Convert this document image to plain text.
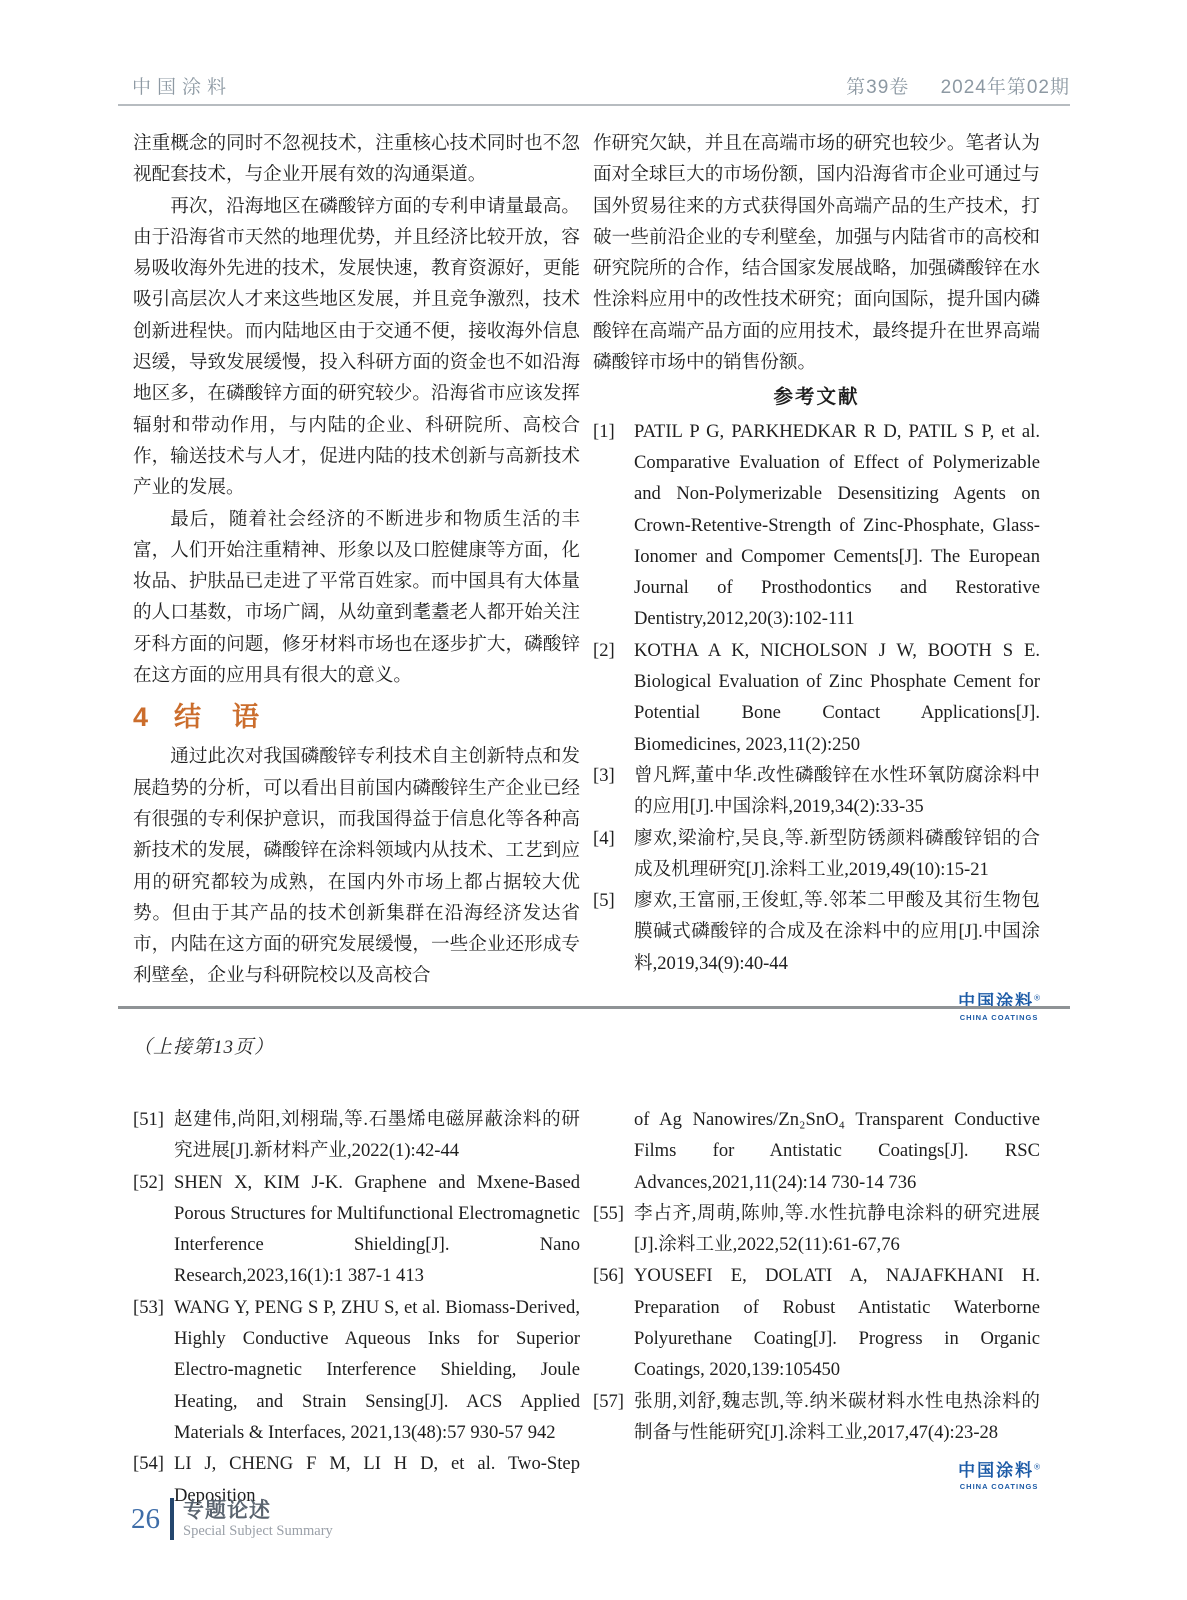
中国涂料	第39卷 2024年第02期

注重概念的同时不忽视技术，注重核心技术同时也不忽视配套技术，与企业开展有效的沟通渠道。

再次，沿海地区在磷酸锌方面的专利申请量最高。由于沿海省市天然的地理优势，并且经济比较开放，容易吸收海外先进的技术，发展快速，教育资源好，更能吸引高层次人才来这些地区发展，并且竞争激烈，技术创新进程快。而内陆地区由于交通不便，接收海外信息迟缓，导致发展缓慢，投入科研方面的资金也不如沿海地区多，在磷酸锌方面的研究较少。沿海省市应该发挥辐射和带动作用，与内陆的企业、科研院所、高校合作，输送技术与人才，促进内陆的技术创新与高新技术产业的发展。

最后，随着社会经济的不断进步和物质生活的丰富，人们开始注重精神、形象以及口腔健康等方面，化妆品、护肤品已走进了平常百姓家。而中国具有大体量的人口基数，市场广阔，从幼童到耄耋老人都开始关注牙科方面的问题，修牙材料市场也在逐步扩大，磷酸锌在这方面的应用具有很大的意义。

4 结　语

通过此次对我国磷酸锌专利技术自主创新特点和发展趋势的分析，可以看出目前国内磷酸锌生产企业已经有很强的专利保护意识，而我国得益于信息化等各种高新技术的发展，磷酸锌在涂料领域内从技术、工艺到应用的研究都较为成熟，在国内外市场上都占据较大优势。但由于其产品的技术创新集群在沿海经济发达省市，内陆在这方面的研究发展缓慢，一些企业还形成专利壁垒，企业与科研院校以及高校合

作研究欠缺，并且在高端市场的研究也较少。笔者认为面对全球巨大的市场份额，国内沿海省市企业可通过与国外贸易往来的方式获得国外高端产品的生产技术，打破一些前沿企业的专利壁垒，加强与内陆省市的高校和研究院所的合作，结合国家发展战略，加强磷酸锌在水性涂料应用中的改性技术研究；面向国际，提升国内磷酸锌在高端产品方面的应用技术，最终提升在世界高端磷酸锌市场中的销售份额。

参考文献
[1]	PATIL P G, PARKHEDKAR R D, PATIL S P, et al. Comparative Evaluation of Effect of Polymerizable and Non-Polymerizable Desensitizing Agents on Crown-Retentive-Strength of Zinc-Phosphate, Glass-Ionomer and Compomer Cements[J]. The European Journal of Prosthodontics and Restorative Dentistry,2012,20(3):102-111
[2]	KOTHA A K, NICHOLSON J W, BOOTH S E. Biological Evaluation of Zinc Phosphate Cement for Potential Bone Contact Applications[J]. Biomedicines, 2023,11(2):250
[3]	曾凡辉,董中华.改性磷酸锌在水性环氧防腐涂料中的应用[J].中国涂料,2019,34(2):33-35
[4]	廖欢,梁渝柠,吴良,等.新型防锈颜料磷酸锌铝的合成及机理研究[J].涂料工业,2019,49(10):15-21
[5]	廖欢,王富丽,王俊虹,等.邻苯二甲酸及其衍生物包膜碱式磷酸锌的合成及在涂料中的应用[J].中国涂料,2019,34(9):40-44
中国涂料®
CHINA COATINGS
（上接第13页）
[51] 赵建伟,尚阳,刘栩瑞,等.石墨烯电磁屏蔽涂料的研究进展[J].新材料产业,2022(1):42-44
[52] SHEN X, KIM J-K. Graphene and Mxene-Based Porous Structures for Multifunctional Electromagnetic Interference Shielding[J]. Nano Research,2023,16(1):1 387-1 413
[53] WANG Y, PENG S P, ZHU S, et al. Biomass-Derived, Highly Conductive Aqueous Inks for Superior Electro-magnetic Interference Shielding, Joule Heating, and Strain Sensing[J]. ACS Applied Materials & Interfaces, 2021,13(48):57 930-57 942
[54] LI J, CHENG F M, LI H D, et al. Two-Step Deposition
of Ag Nanowires/Zn₂SnO₄ Transparent Conductive Films for Antistatic Coatings[J]. RSC Advances,2021,11(24):14 730-14 736
[55] 李占齐,周萌,陈帅,等.水性抗静电涂料的研究进展[J].涂料工业,2022,52(11):61-67,76
[56] YOUSEFI E, DOLATI A, NAJAFKHANI H. Preparation of Robust Antistatic Waterborne Polyurethane Coating[J]. Progress in Organic Coatings, 2020,139:105450
[57] 张朋,刘舒,魏志凯,等.纳米碳材料水性电热涂料的制备与性能研究[J].涂料工业,2017,47(4):23-28
中国涂料®
CHINA COATINGS
26 专题论述
Special Subject Summary
